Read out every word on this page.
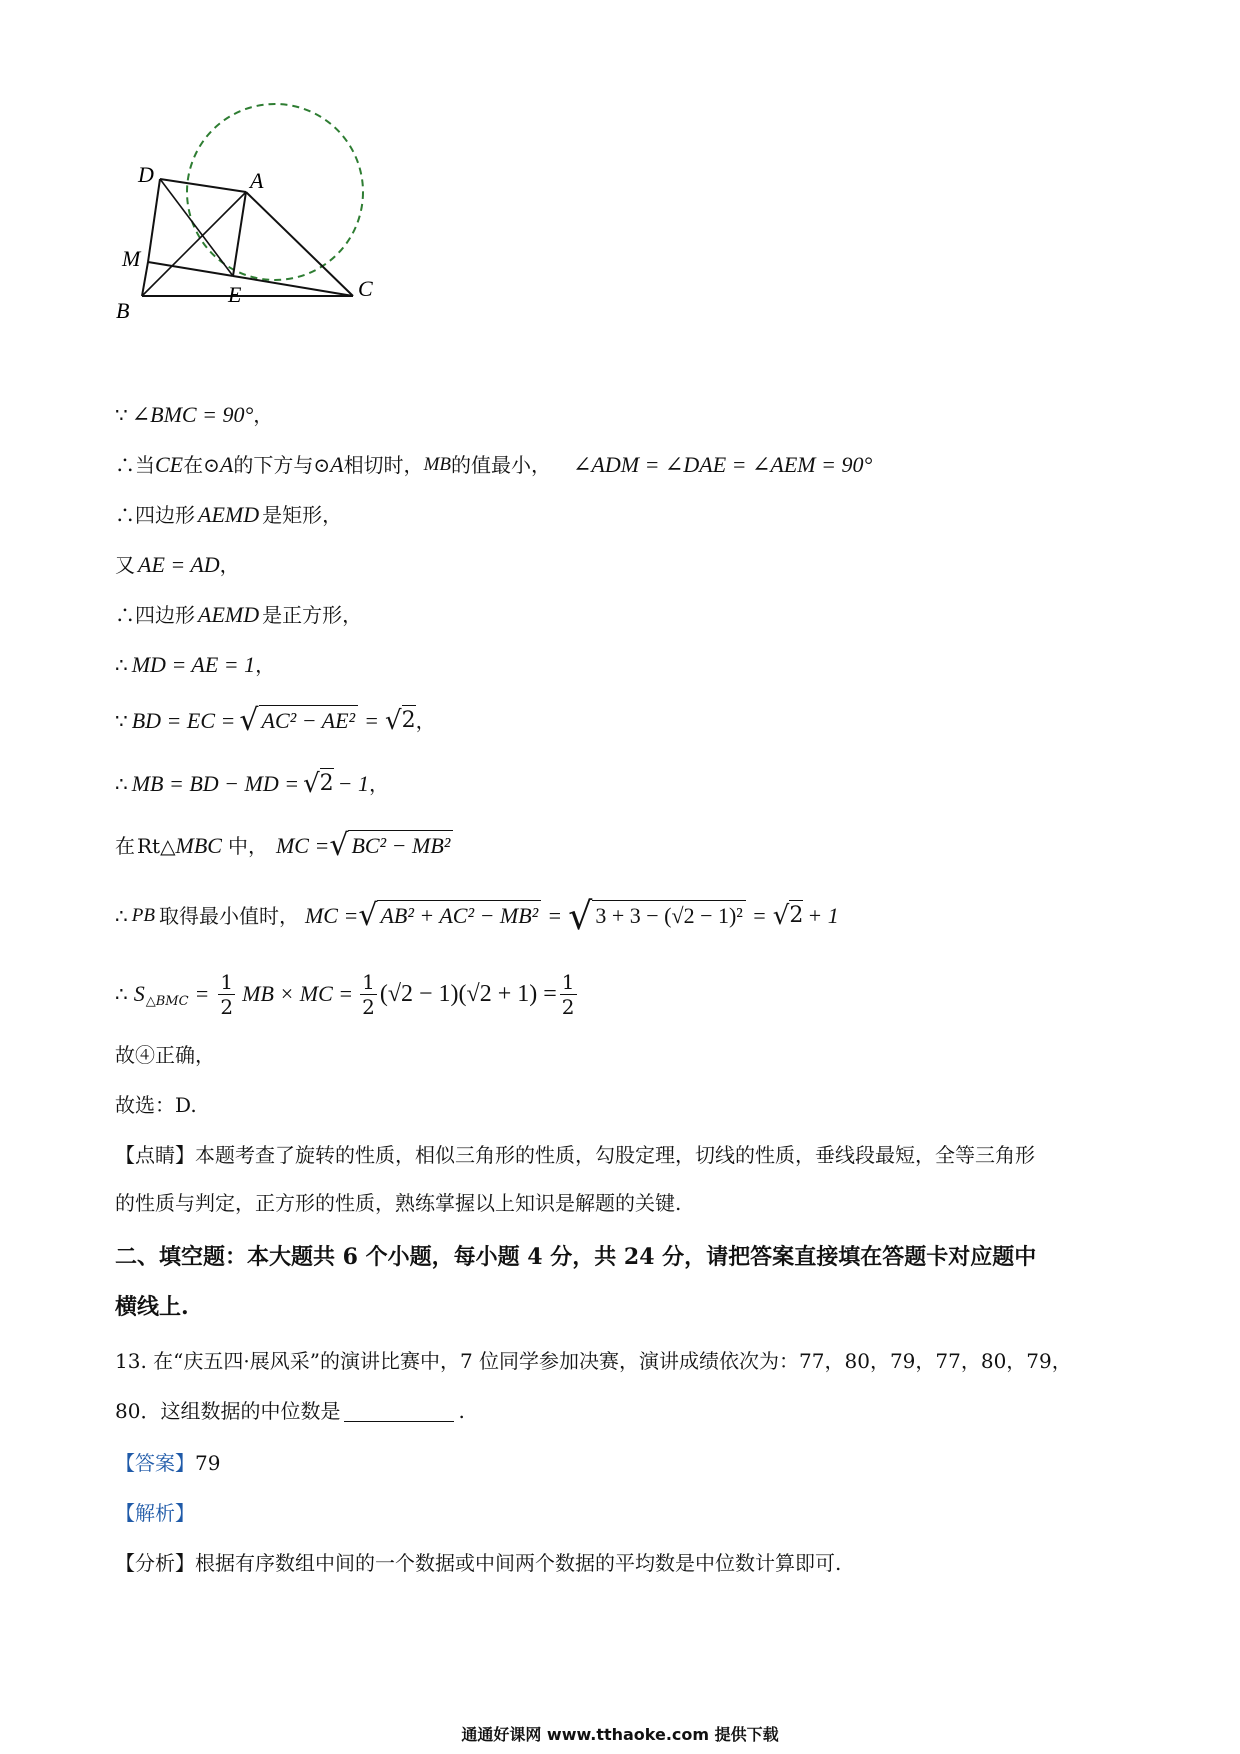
D	A
M
B
E	C
∵ ∠BMC = 90° ，
∴当 CE 在 ⊙ A 的下方与 ⊙ A 相切时， MB 的值最小， ∠ADM = ∠DAE = ∠AEM = 90°
∴四边形 AEMD 是矩形，
又 AE = AD ，
∴四边形 AEMD 是正方形，
∴ MD = AE = 1 ，
∵ BD = EC = √ AC² − AE² = √ 2 ，
∴ MB = BD − MD = √ 2 − 1 ，
在 Rt △ MBC 中， MC = √ BC² − MB²
∴ PB 取得最小值时， MC = √ AB² + AC² − MB² = √ 3 + 3 − (√2 − 1)² = √ 2 + 1
∴ S △BMC = $\frac{1}{2}$ MB × MC = $\frac{1}{2} (√2 - 1)(√2 + 1) = \frac{1}{2}$
故④正确，
故选：D.
【点睛】 本题考查了旋转的性质，相似三角形的性质，勾股定理，切线的性质，垂线段最短，全等三角形
的性质与判定，正方形的性质，熟练掌握以上知识是解题的关键.
二、填空题：本大题共 6 个小题，每小题 4 分，共 24 分，请把答案直接填在答题卡对应题中
横线上.
13. 在“庆五四·展风采”的演讲比赛中，7 位同学参加决赛，演讲成绩依次为：77，80，79，77，80，79，
80．这组数据的中位数是	.
【答案】 79
【解析】
【分析】 根据有序数组中间的一个数据或中间两个数据的平均数是中位数计算即可.
通通好课网 www.tthaoke.com 提供下载
